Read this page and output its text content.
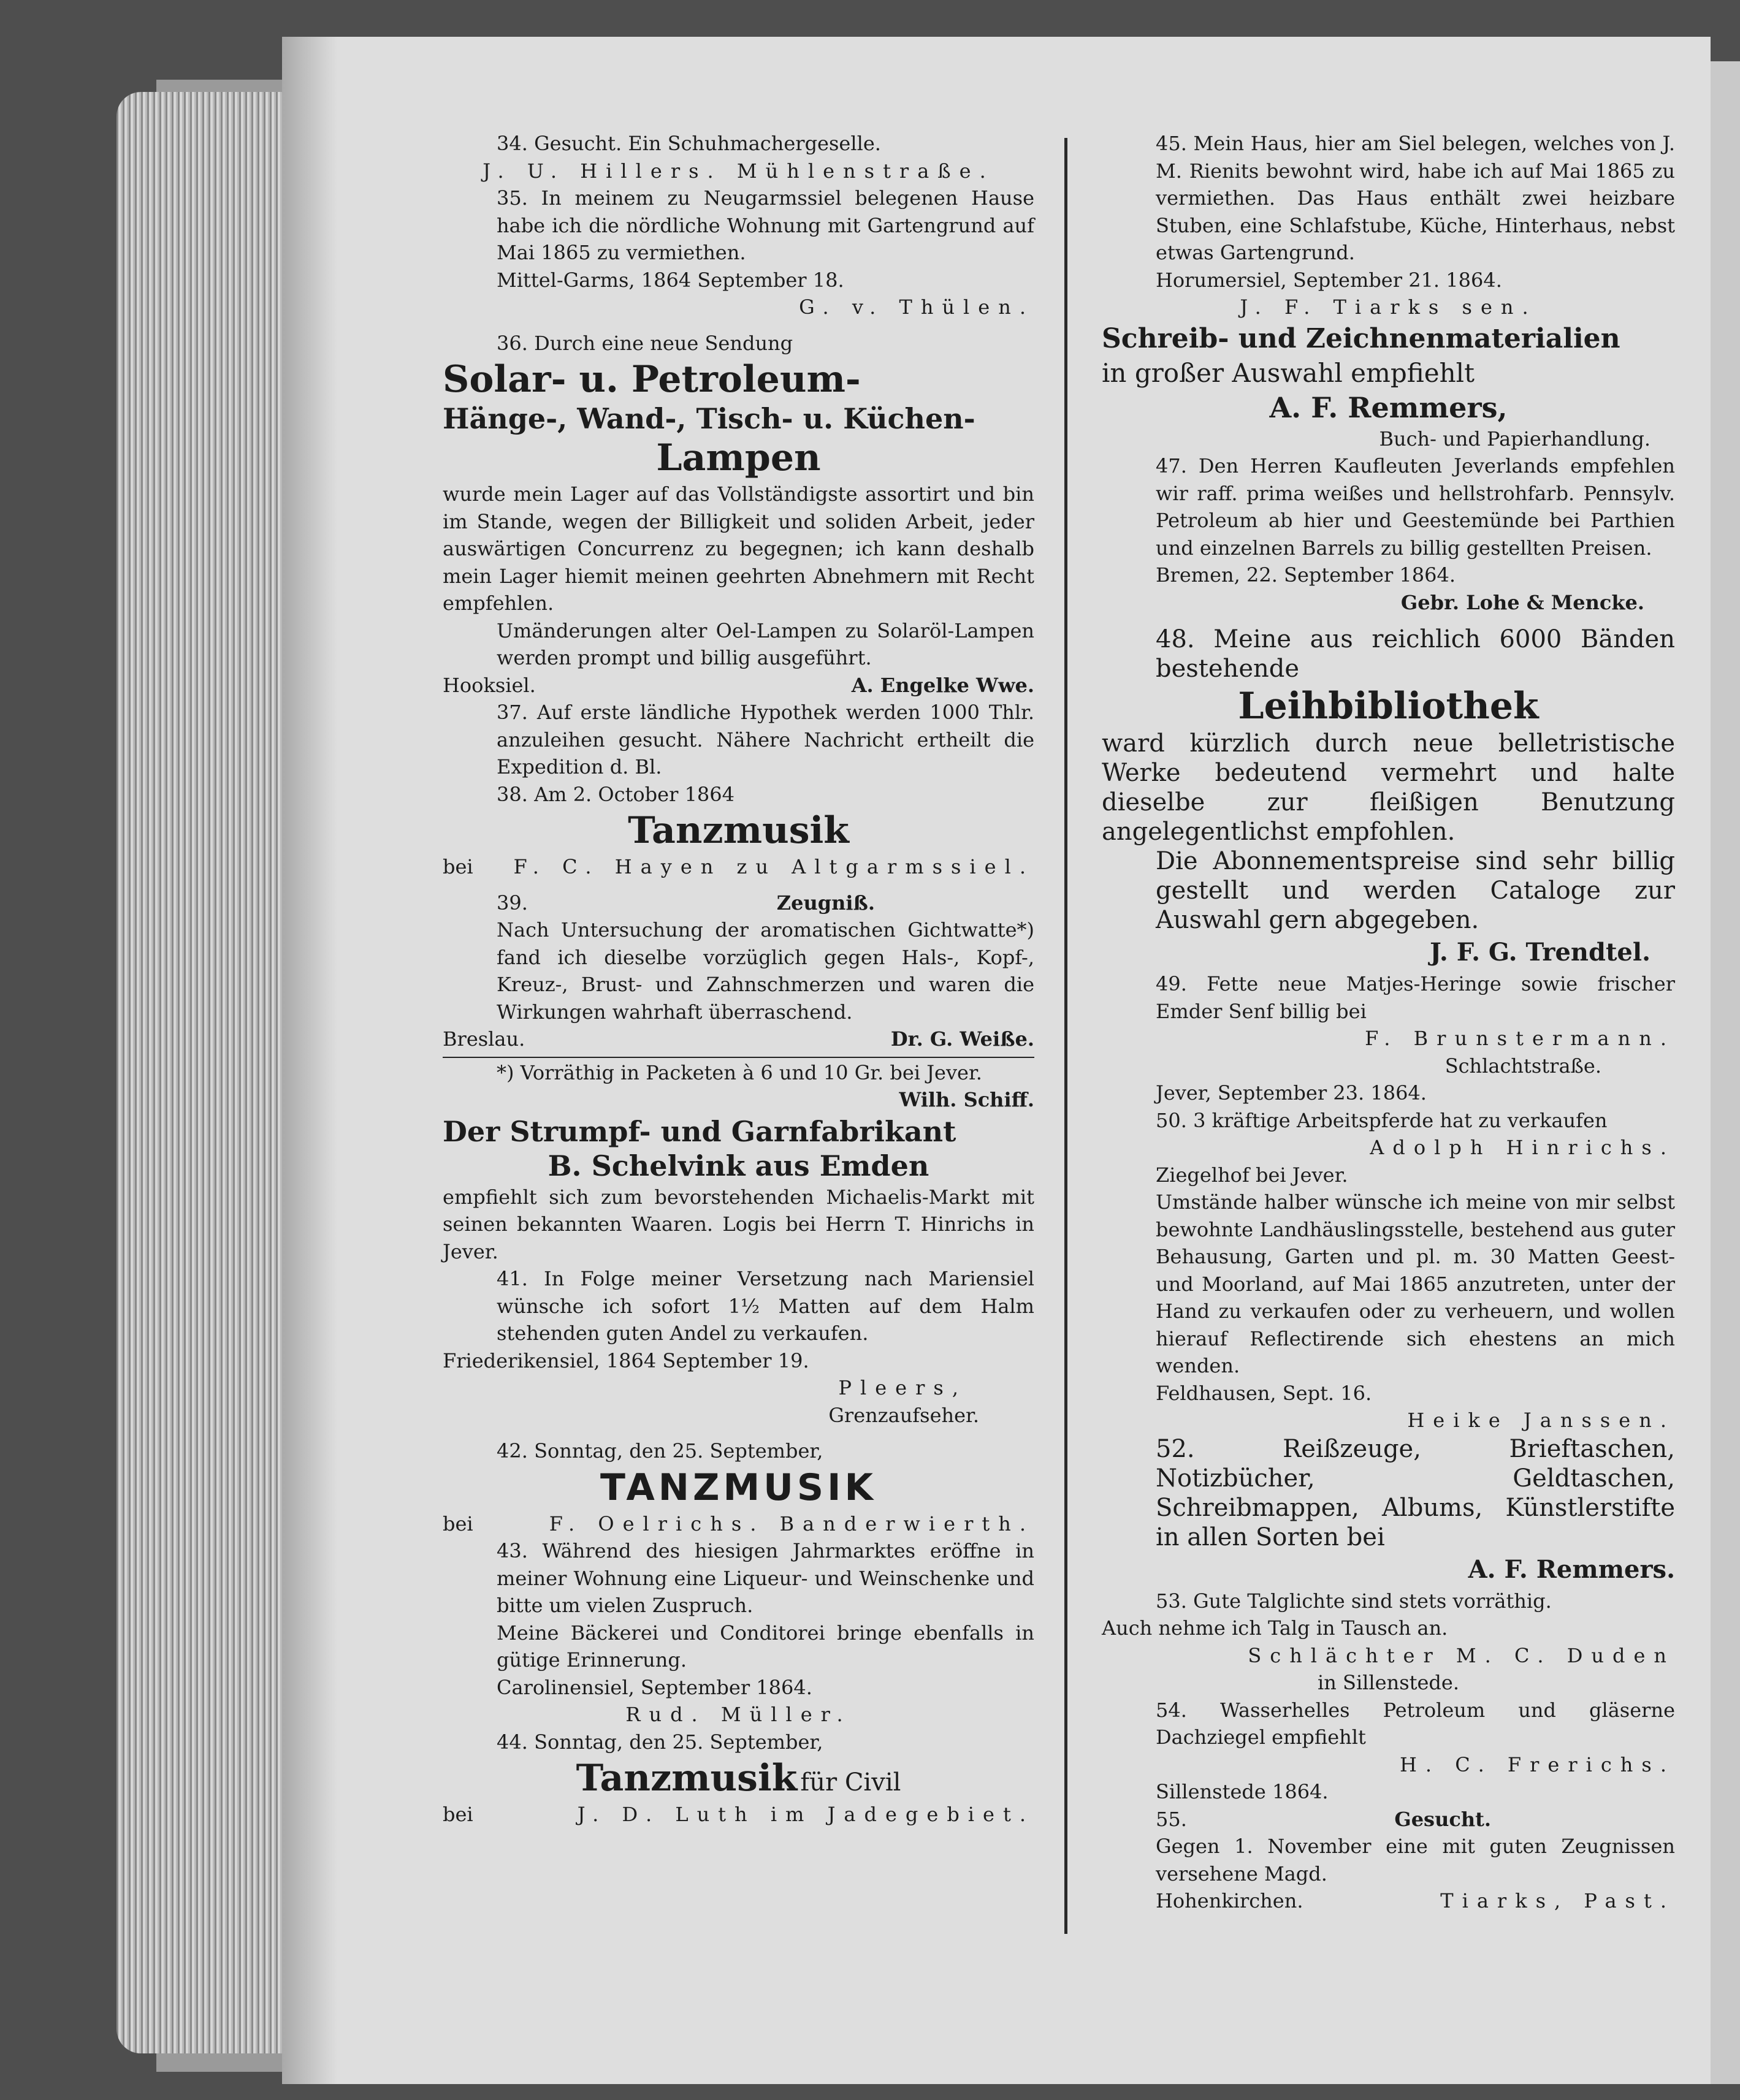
34. Gesucht. Ein Schuhmachergeselle.

J. U. Hillers. Mühlenstraße.

35. In meinem zu Neugarmssiel belegenen Hause habe ich die nördliche Wohnung mit Gartengrund auf Mai 1865 zu vermiethen.

Mittel-Garms, 1864 September 18.

G. v. Thülen.

36. Durch eine neue Sendung

Solar- u. Petroleum-

Hänge-, Wand-, Tisch- u. Küchen-

Lampen

wurde mein Lager auf das Vollständigste assortirt und bin im Stande, wegen der Billigkeit und soliden Arbeit, jeder auswärtigen Concurrenz zu begegnen; ich kann deshalb mein Lager hiemit meinen geehrten Abnehmern mit Recht empfehlen.

Umänderungen alter Oel-Lampen zu Solaröl-Lampen werden prompt und billig ausgeführt.

Hooksiel.	A. Engelke Wwe.

37. Auf erste ländliche Hypothek werden 1000 Thlr. anzuleihen gesucht. Nähere Nachricht ertheilt die Expedition d. Bl.

38. Am 2. October 1864

Tanzmusik

bei F. C. Hayen zu Altgarmssiel.
39.	Zeugniß.

Nach Untersuchung der aromatischen Gichtwatte*) fand ich dieselbe vorzüglich gegen Hals-, Kopf-, Kreuz-, Brust- und Zahnschmerzen und waren die Wirkungen wahrhaft überraschend.

Breslau.	Dr. G. Weiße.

*) Vorräthig in Packeten à 6 und 10 Gr. bei Jever.

Wilh. Schiff.

Der Strumpf- und Garnfabrikant

B. Schelvink aus Emden

empfiehlt sich zum bevorstehenden Michaelis-Markt mit seinen bekannten Waaren. Logis bei Herrn T. Hinrichs in Jever.

41. In Folge meiner Versetzung nach Mariensiel wünsche ich sofort 1½ Matten auf dem Halm stehenden guten Andel zu verkaufen.

Friederikensiel, 1864 September 19.

Pleers,

Grenzaufseher.

42. Sonntag, den 25. September,

TANZMUSIK

bei	F. Oelrichs. Banderwierth.

43. Während des hiesigen Jahrmarktes eröffne in meiner Wohnung eine Liqueur- und Weinschenke und bitte um vielen Zuspruch.

Meine Bäckerei und Conditorei bringe ebenfalls in gütige Erinnerung.

Carolinensiel, September 1864.

Rud. Müller.

44. Sonntag, den 25. September,

Tanzmusik für Civil

bei	J. D. Luth im Jadegebiet.

45. Mein Haus, hier am Siel belegen, welches von J. M. Rienits bewohnt wird, habe ich auf Mai 1865 zu vermiethen. Das Haus enthält zwei heizbare Stuben, eine Schlafstube, Küche, Hinterhaus, nebst etwas Gartengrund.

Horumersiel, September 21. 1864.

J. F. Tiarks sen.

Schreib- und Zeichnenmaterialien

in großer Auswahl empfiehlt

A. F. Remmers,

Buch- und Papierhandlung.

47. Den Herren Kaufleuten Jeverlands empfehlen wir raff. prima weißes und hellstrohfarb. Pennsylv. Petroleum ab hier und Geestemünde bei Parthien und einzelnen Barrels zu billig gestellten Preisen.

Bremen, 22. September 1864.

Gebr. Lohe & Mencke.

48. Meine aus reichlich 6000 Bänden bestehende

Leihbibliothek

ward kürzlich durch neue belletristische Werke bedeutend vermehrt und halte dieselbe zur fleißigen Benutzung angelegentlichst empfohlen.

Die Abonnementspreise sind sehr billig gestellt und werden Cataloge zur Auswahl gern abgegeben.

J. F. G. Trendtel.

49. Fette neue Matjes-Heringe sowie frischer Emder Senf billig bei

F. Brunstermann.

Schlachtstraße.

Jever, September 23. 1864.

50. 3 kräftige Arbeitspferde hat zu verkaufen

Adolph Hinrichs.

Ziegelhof bei Jever.

Umstände halber wünsche ich meine von mir selbst bewohnte Landhäuslingsstelle, bestehend aus guter Behausung, Garten und pl. m. 30 Matten Geest- und Moorland, auf Mai 1865 anzutreten, unter der Hand zu verkaufen oder zu verheuern, und wollen hierauf Reflectirende sich ehestens an mich wenden.

Feldhausen, Sept. 16.

Heike Janssen.

52. Reißzeuge, Brieftaschen, Notizbücher, Geldtaschen, Schreibmappen, Albums, Künstlerstifte in allen Sorten bei

A. F. Remmers.

53. Gute Talglichte sind stets vorräthig.

Auch nehme ich Talg in Tausch an.

Schlächter M. C. Duden

in Sillenstede.

54. Wasserhelles Petroleum und gläserne Dachziegel empfiehlt

H. C. Frerichs.

Sillenstede 1864.

55.	Gesucht.

Gegen 1. November eine mit guten Zeugnissen versehene Magd.

Hohenkirchen.	Tiarks, Past.
